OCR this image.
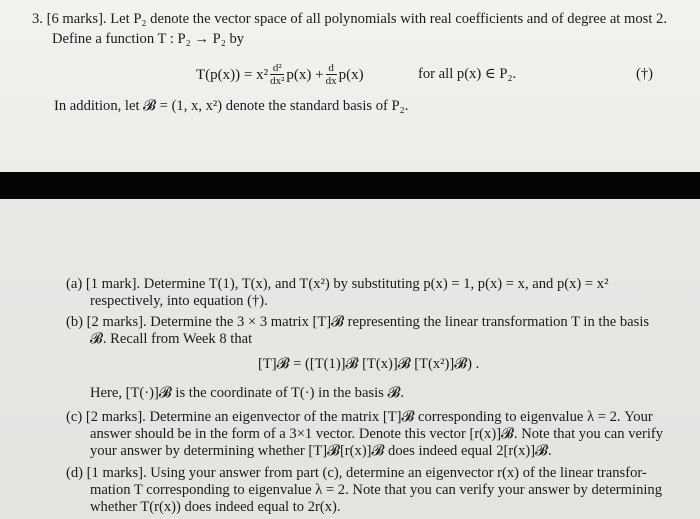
3. [6 marks]. Let P₂ denote the vector space of all polynomials with real coefficients and of degree at most 2.
Define a function T : P₂ → P₂ by
$T(p(x)) = x^2 \frac{\text{d²}}{\text{dx²}} p(x) + \frac{d}{dx} p(x)$	for all p(x) ∈ P₂.	(†)
In addition, let 𝓑 = (1, x, x²) denote the standard basis of P₂.
(a) [1 mark]. Determine T(1), T(x), and T(x²) by substituting p(x) = 1, p(x) = x, and p(x) = x²
respectively, into equation (†).
(b) [2 marks]. Determine the 3 × 3 matrix [T]𝓑 representing the linear transformation T in the basis
𝓑. Recall from Week 8 that
[T]𝓑 = ([T(1)]𝓑 [T(x)]𝓑 [T(x²)]𝓑) .
Here, [T(·)]𝓑 is the coordinate of T(·) in the basis 𝓑.
(c) [2 marks]. Determine an eigenvector of the matrix [T]𝓑 corresponding to eigenvalue λ = 2. Your
answer should be in the form of a 3×1 vector. Denote this vector [r(x)]𝓑. Note that you can verify
your answer by determining whether [T]𝓑[r(x)]𝓑 does indeed equal 2[r(x)]𝓑.
(d) [1 marks]. Using your answer from part (c), determine an eigenvector r(x) of the linear transfor-
mation T corresponding to eigenvalue λ = 2. Note that you can verify your answer by determining
whether T(r(x)) does indeed equal to 2r(x).
